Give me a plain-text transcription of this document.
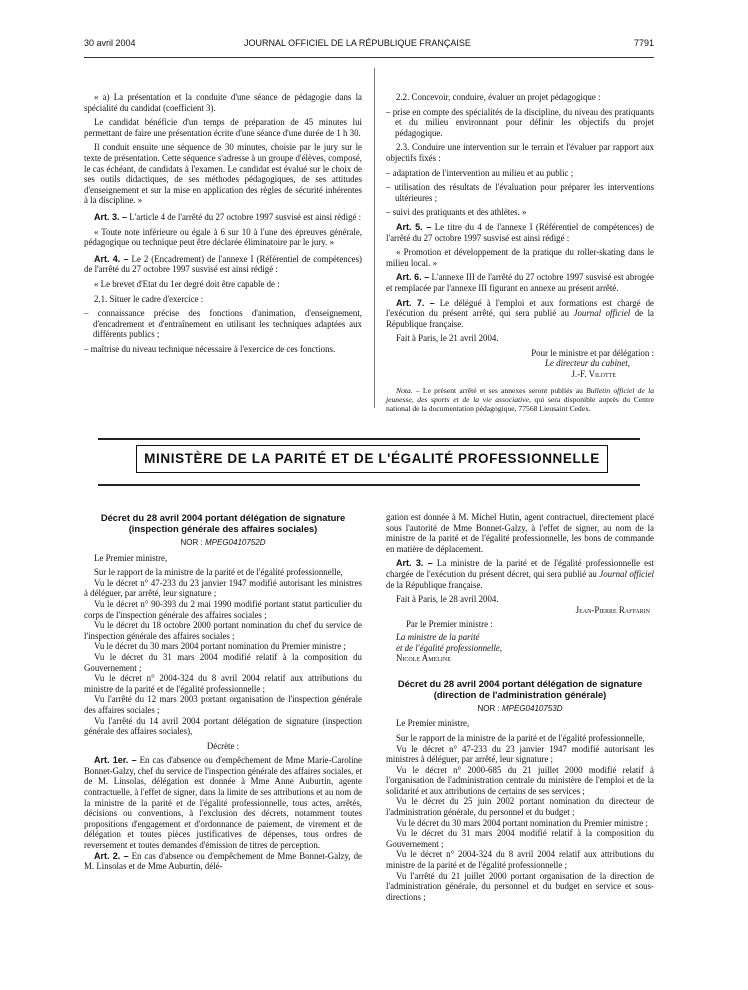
30 avril 2004	JOURNAL OFFICIEL DE LA RÉPUBLIQUE FRANÇAISE	7791

« a) La présentation et la conduite d'une séance de pédagogie dans la spécialité du candidat (coefficient 3).

Le candidat bénéficie d'un temps de préparation de 45 minutes lui permettant de faire une présentation écrite d'une séance d'une durée de 1 h 30.

Il conduit ensuite une séquence de 30 minutes, choisie par le jury sur le texte de présentation. Cette séquence s'adresse à un groupe d'élèves, composé, le cas échéant, de candidats à l'examen. Le candidat est évalué sur le choix de ses outils didactiques, de ses méthodes pédagogiques, de ses attitudes d'enseignement et sur la mise en application des règles de sécurité inhérentes à la discipline. »

Art. 3. – L'article 4 de l'arrêté du 27 octobre 1997 susvisé est ainsi rédigé :

« Toute note inférieure ou égale à 6 sur 10 à l'une des épreuves générale, pédagogique ou technique peut être déclarée éliminatoire par le jury. »

Art. 4. – Le 2 (Encadrement) de l'annexe I (Référentiel de compétences) de l'arrêté du 27 octobre 1997 susvisé est ainsi rédigé :

« Le brevet d'Etat du 1er degré doit être capable de :

2.1. Situer le cadre d'exercice :

– connaissance précise des fonctions d'animation, d'enseignement, d'encadrement et d'entraînement en utilisant les techniques adaptées aux différents publics ;

– maîtrise du niveau technique nécessaire à l'exercice de ces fonctions.

2.2. Concevoir, conduire, évaluer un projet pédagogique :

– prise en compte des spécialités de la discipline, du niveau des pratiquants et du milieu environnant pour définir les objectifs du projet pédagogique.

2.3. Conduire une intervention sur le terrain et l'évaluer par rapport aux objectifs fixés :

– adaptation de l'intervention au milieu et au public ;

– utilisation des résultats de l'évaluation pour préparer les interventions ultérieures ;

– suivi des pratiquants et des athlètes. »

Art. 5. – Le titre du 4 de l'annexe I (Référentiel de compétences) de l'arrêté du 27 octobre 1997 susvisé est ainsi rédigé :

« Promotion et développement de la pratique du roller-skating dans le milieu local. »

Art. 6. – L'annexe III de l'arrêté du 27 octobre 1997 susvisé est abrogée et remplacée par l'annexe III figurant en annexe au présent arrêté.

Art. 7. – Le délégué à l'emploi et aux formations est chargé de l'exécution du présent arrêté, qui sera publié au Journal officiel de la République française.

Fait à Paris, le 21 avril 2004.

Pour le ministre et par délégation :

Le directeur du cabinet,

J.-F. Vilotte

Nota. – Le présent arrêté et ses annexes seront publiés au Bulletin officiel de la jeunesse, des sports et de la vie associative, qui sera disponible auprès du Centre national de la documentation pédagogique, 77568 Lieusaint Cedex.

MINISTÈRE DE LA PARITÉ ET DE L'ÉGALITÉ PROFESSIONNELLE

Décret du 28 avril 2004 portant délégation de signature (inspection générale des affaires sociales)

NOR : MPEG0410752D

Le Premier ministre,

Sur le rapport de la ministre de la parité et de l'égalité professionnelle,

Vu le décret n° 47-233 du 23 janvier 1947 modifié autorisant les ministres à déléguer, par arrêté, leur signature ;

Vu le décret n° 90-393 du 2 mai 1990 modifié portant statut particulier du corps de l'inspection générale des affaires sociales ;

Vu le décret du 18 octobre 2000 portant nomination du chef du service de l'inspection générale des affaires sociales ;

Vu le décret du 30 mars 2004 portant nomination du Premier ministre ;

Vu le décret du 31 mars 2004 modifié relatif à la composition du Gouvernement ;

Vu le décret n° 2004-324 du 8 avril 2004 relatif aux attributions du ministre de la parité et de l'égalité professionnelle ;

Vu l'arrêté du 12 mars 2003 portant organisation de l'inspection générale des affaires sociales ;

Vu l'arrêté du 14 avril 2004 portant délégation de signature (inspection générale des affaires sociales),

Décrète :

Art. 1er. – En cas d'absence ou d'empêchement de Mme Marie-Caroline Bonnet-Galzy, chef du service de l'inspection générale des affaires sociales, et de M. Linsolas, délégation est donnée à Mme Anne Auburtin, agente contractuelle, à l'effet de signer, dans la limite de ses attributions et au nom de la ministre de la parité et de l'égalité professionnelle, tous actes, arrêtés, décisions ou conventions, à l'exclusion des décrets, notamment toutes propositions d'engagement et d'ordonnance de paiement, de virement et de délégation et toutes pièces justificatives de dépenses, tous ordres de reversement et toutes demandes d'émission de titres de perception.

Art. 2. – En cas d'absence ou d'empêchement de Mme Bonnet-Galzy, de M. Linsolas et de Mme Auburtin, délé-

gation est donnée à M. Michel Hutin, agent contractuel, directement placé sous l'autorité de Mme Bonnet-Galzy, à l'effet de signer, au nom de la ministre de la parité et de l'égalité professionnelle, les bons de commande en matière de déplacement.

Art. 3. – La ministre de la parité et de l'égalité professionnelle est chargée de l'exécution du présent décret, qui sera publié au Journal officiel de la République française.

Fait à Paris, le 28 avril 2004.

Jean-Pierre Raffarin

Par le Premier ministre :

La ministre de la parité

et de l'égalité professionnelle,

Nicole Ameline

Décret du 28 avril 2004 portant délégation de signature (direction de l'administration générale)

NOR : MPEG0410753D

Le Premier ministre,

Sur le rapport de la ministre de la parité et de l'égalité professionnelle,

Vu le décret n° 47-233 du 23 janvier 1947 modifié autorisant les ministres à déléguer, par arrêté, leur signature ;

Vu le décret n° 2000-685 du 21 juillet 2000 modifié relatif à l'organisation de l'administration centrale du ministère de l'emploi et de la solidarité et aux attributions de certains de ses services ;

Vu le décret du 25 juin 2002 portant nomination du directeur de l'administration générale, du personnel et du budget ;

Vu le décret du 30 mars 2004 portant nomination du Premier ministre ;

Vu le décret du 31 mars 2004 modifié relatif à la composition du Gouvernement ;

Vu le décret n° 2004-324 du 8 avril 2004 relatif aux attributions du ministre de la parité et de l'égalité professionnelle ;

Vu l'arrêté du 21 juillet 2000 portant organisation de la direction de l'administration générale, du personnel et du budget en service et sous-directions ;
